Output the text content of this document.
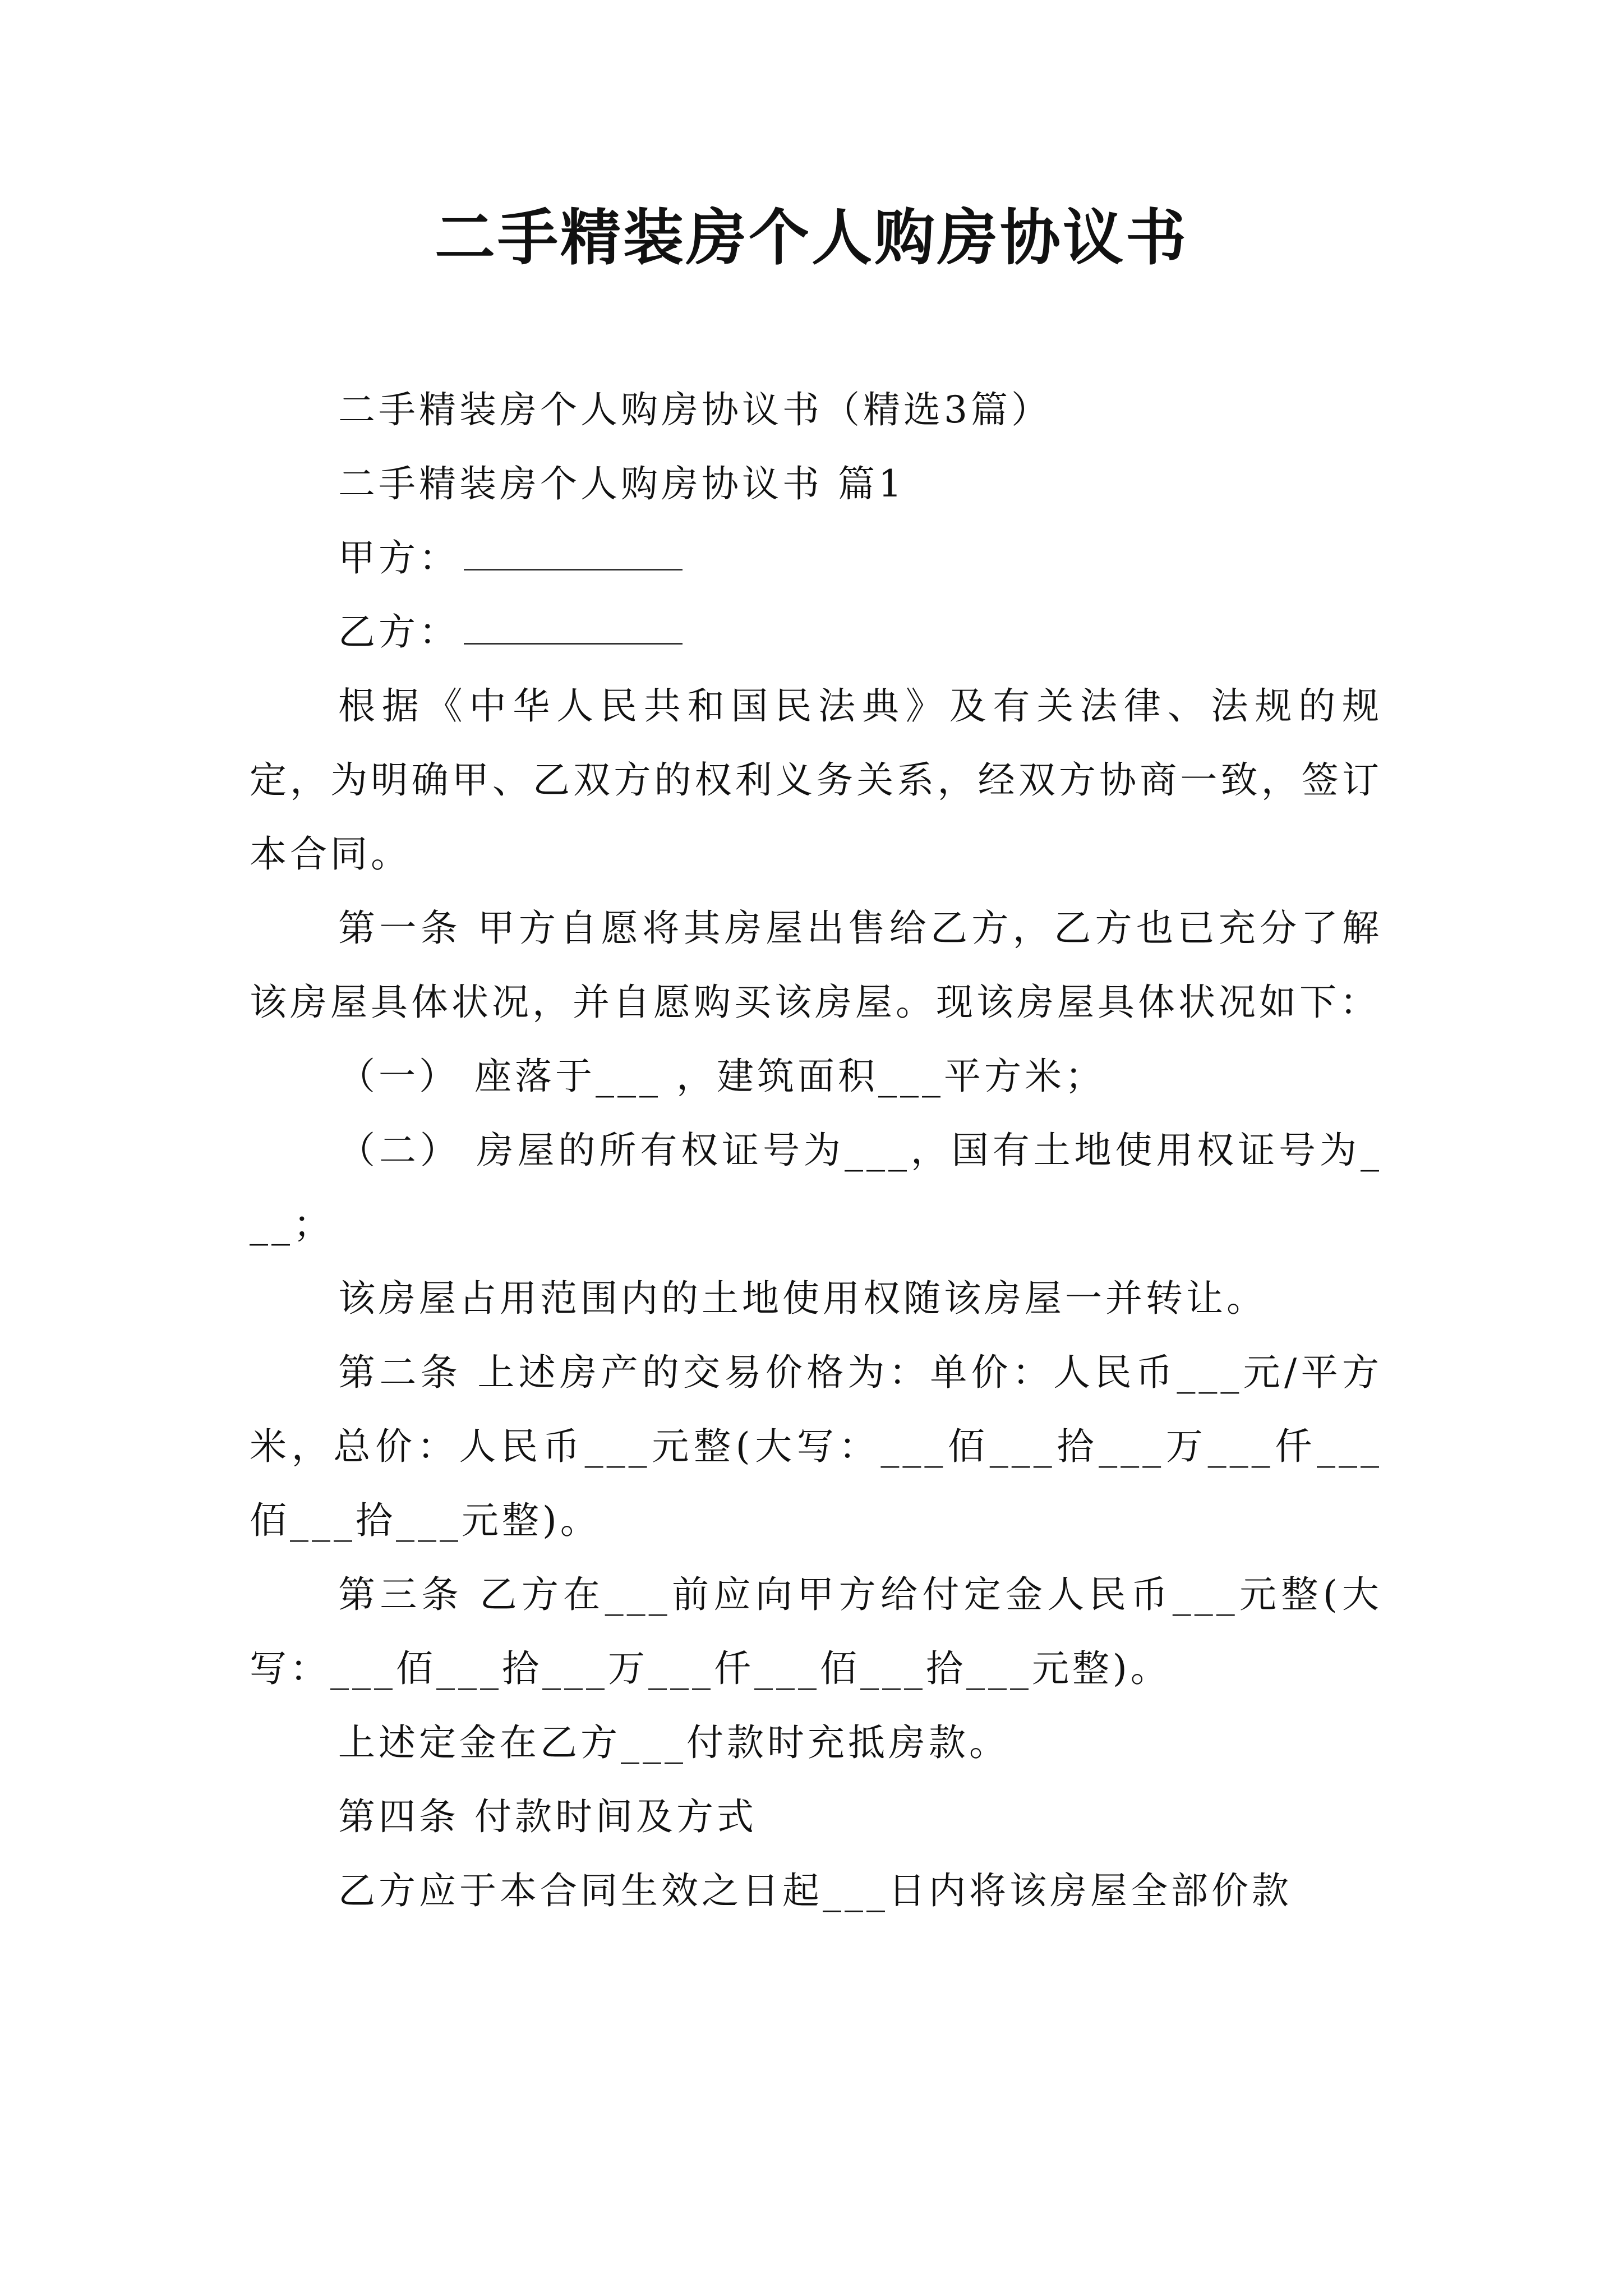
二手精装房个人购房协议书

二手精装房个人购房协议书（精选3篇）

二手精装房个人购房协议书 篇1

甲方：

乙方：

根据《中华人民共和国民法典》及有关法律、法规的规定，为明确甲、乙双方的权利义务关系，经双方协商一致，签订本合同。

第一条 甲方自愿将其房屋出售给乙方，乙方也已充分了解该房屋具体状况，并自愿购买该房屋。现该房屋具体状况如下：

（一） 座落于___ ，建筑面积___平方米；

（二） 房屋的所有权证号为___，国有土地使用权证号为___；

该房屋占用范围内的土地使用权随该房屋一并转让。

第二条 上述房产的交易价格为：单价：人民币___元/平方米，总价：人民币___元整(大写：___佰___拾___万___仟___佰___拾___元整)。

第三条 乙方在___前应向甲方给付定金人民币___元整(大写：___佰___拾___万___仟___佰___拾___元整)。

上述定金在乙方___付款时充抵房款。

第四条 付款时间及方式

乙方应于本合同生效之日起___日内将该房屋全部价款
